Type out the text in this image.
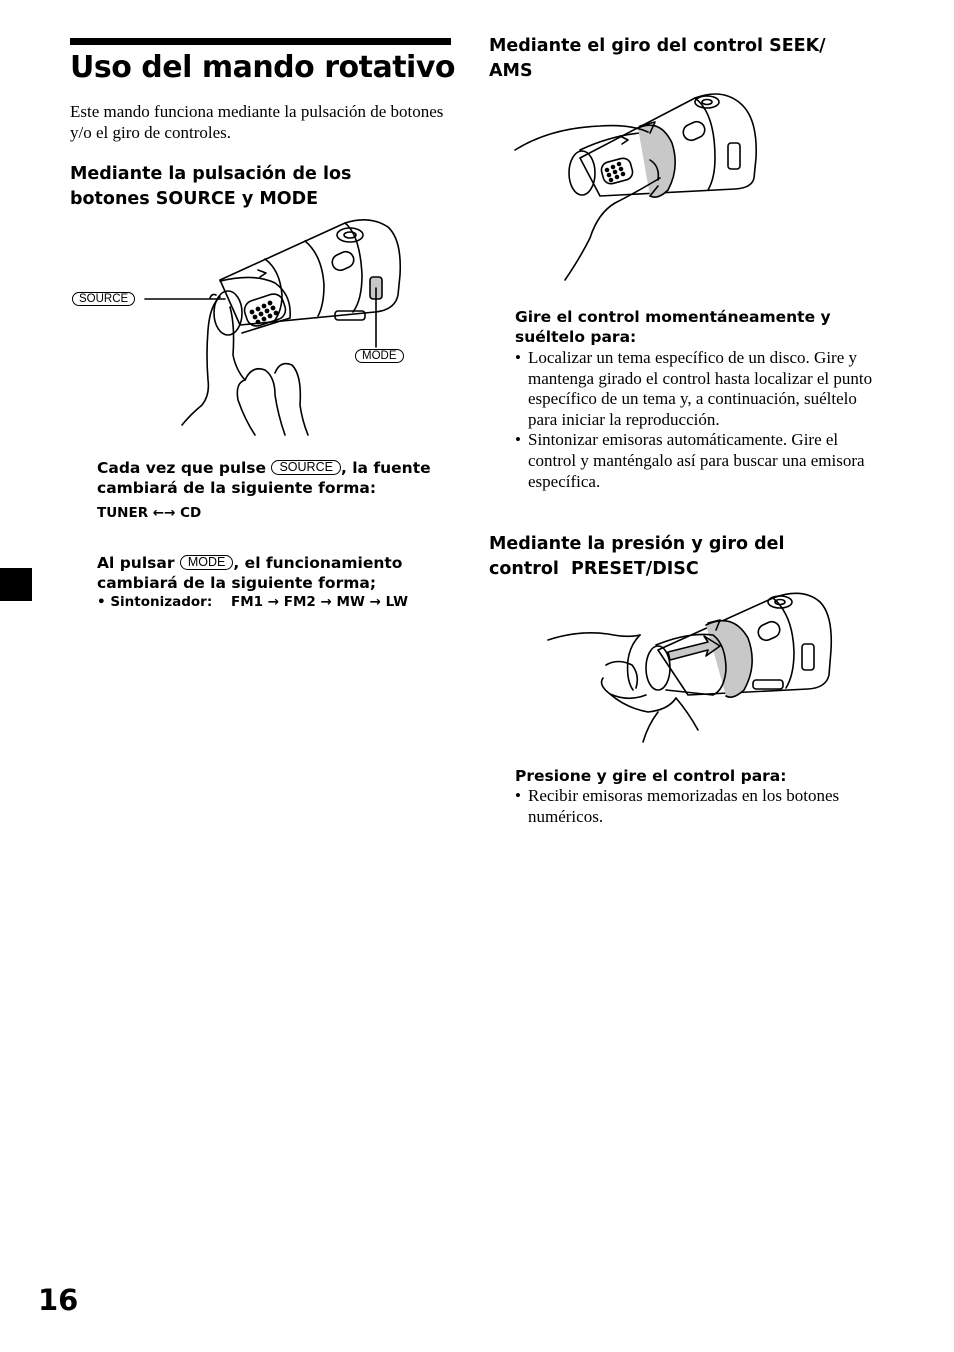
Uso del mando rotativo
Este mando funciona mediante la pulsación de botones y/o el giro de controles.
Mediante la pulsación de los
botones SOURCE y MODE
SOURCE
MODE
Cada vez que pulse SOURCE , la fuente
cambiará de la siguiente forma:
TUNER ←→ CD
Al pulsar MODE , el funcionamiento
cambiará de la siguiente forma;
• Sintonizador:    FM1 → FM2 → MW → LW
Mediante el giro del control SEEK/
AMS
Gire el control momentáneamente y
suéltelo para:
• Localizar un tema específico de un disco. Gire y mantenga girado el control hasta localizar el punto específico de un tema y, a continuación, suéltelo para iniciar la reproducción.
• Sintonizar emisoras automáticamente. Gire el control y manténgalo así para buscar una emisora específica.
Mediante la presión y giro del
control  PRESET/DISC
Presione y gire el control para:
• Recibir emisoras memorizadas en los botones numéricos.
16
